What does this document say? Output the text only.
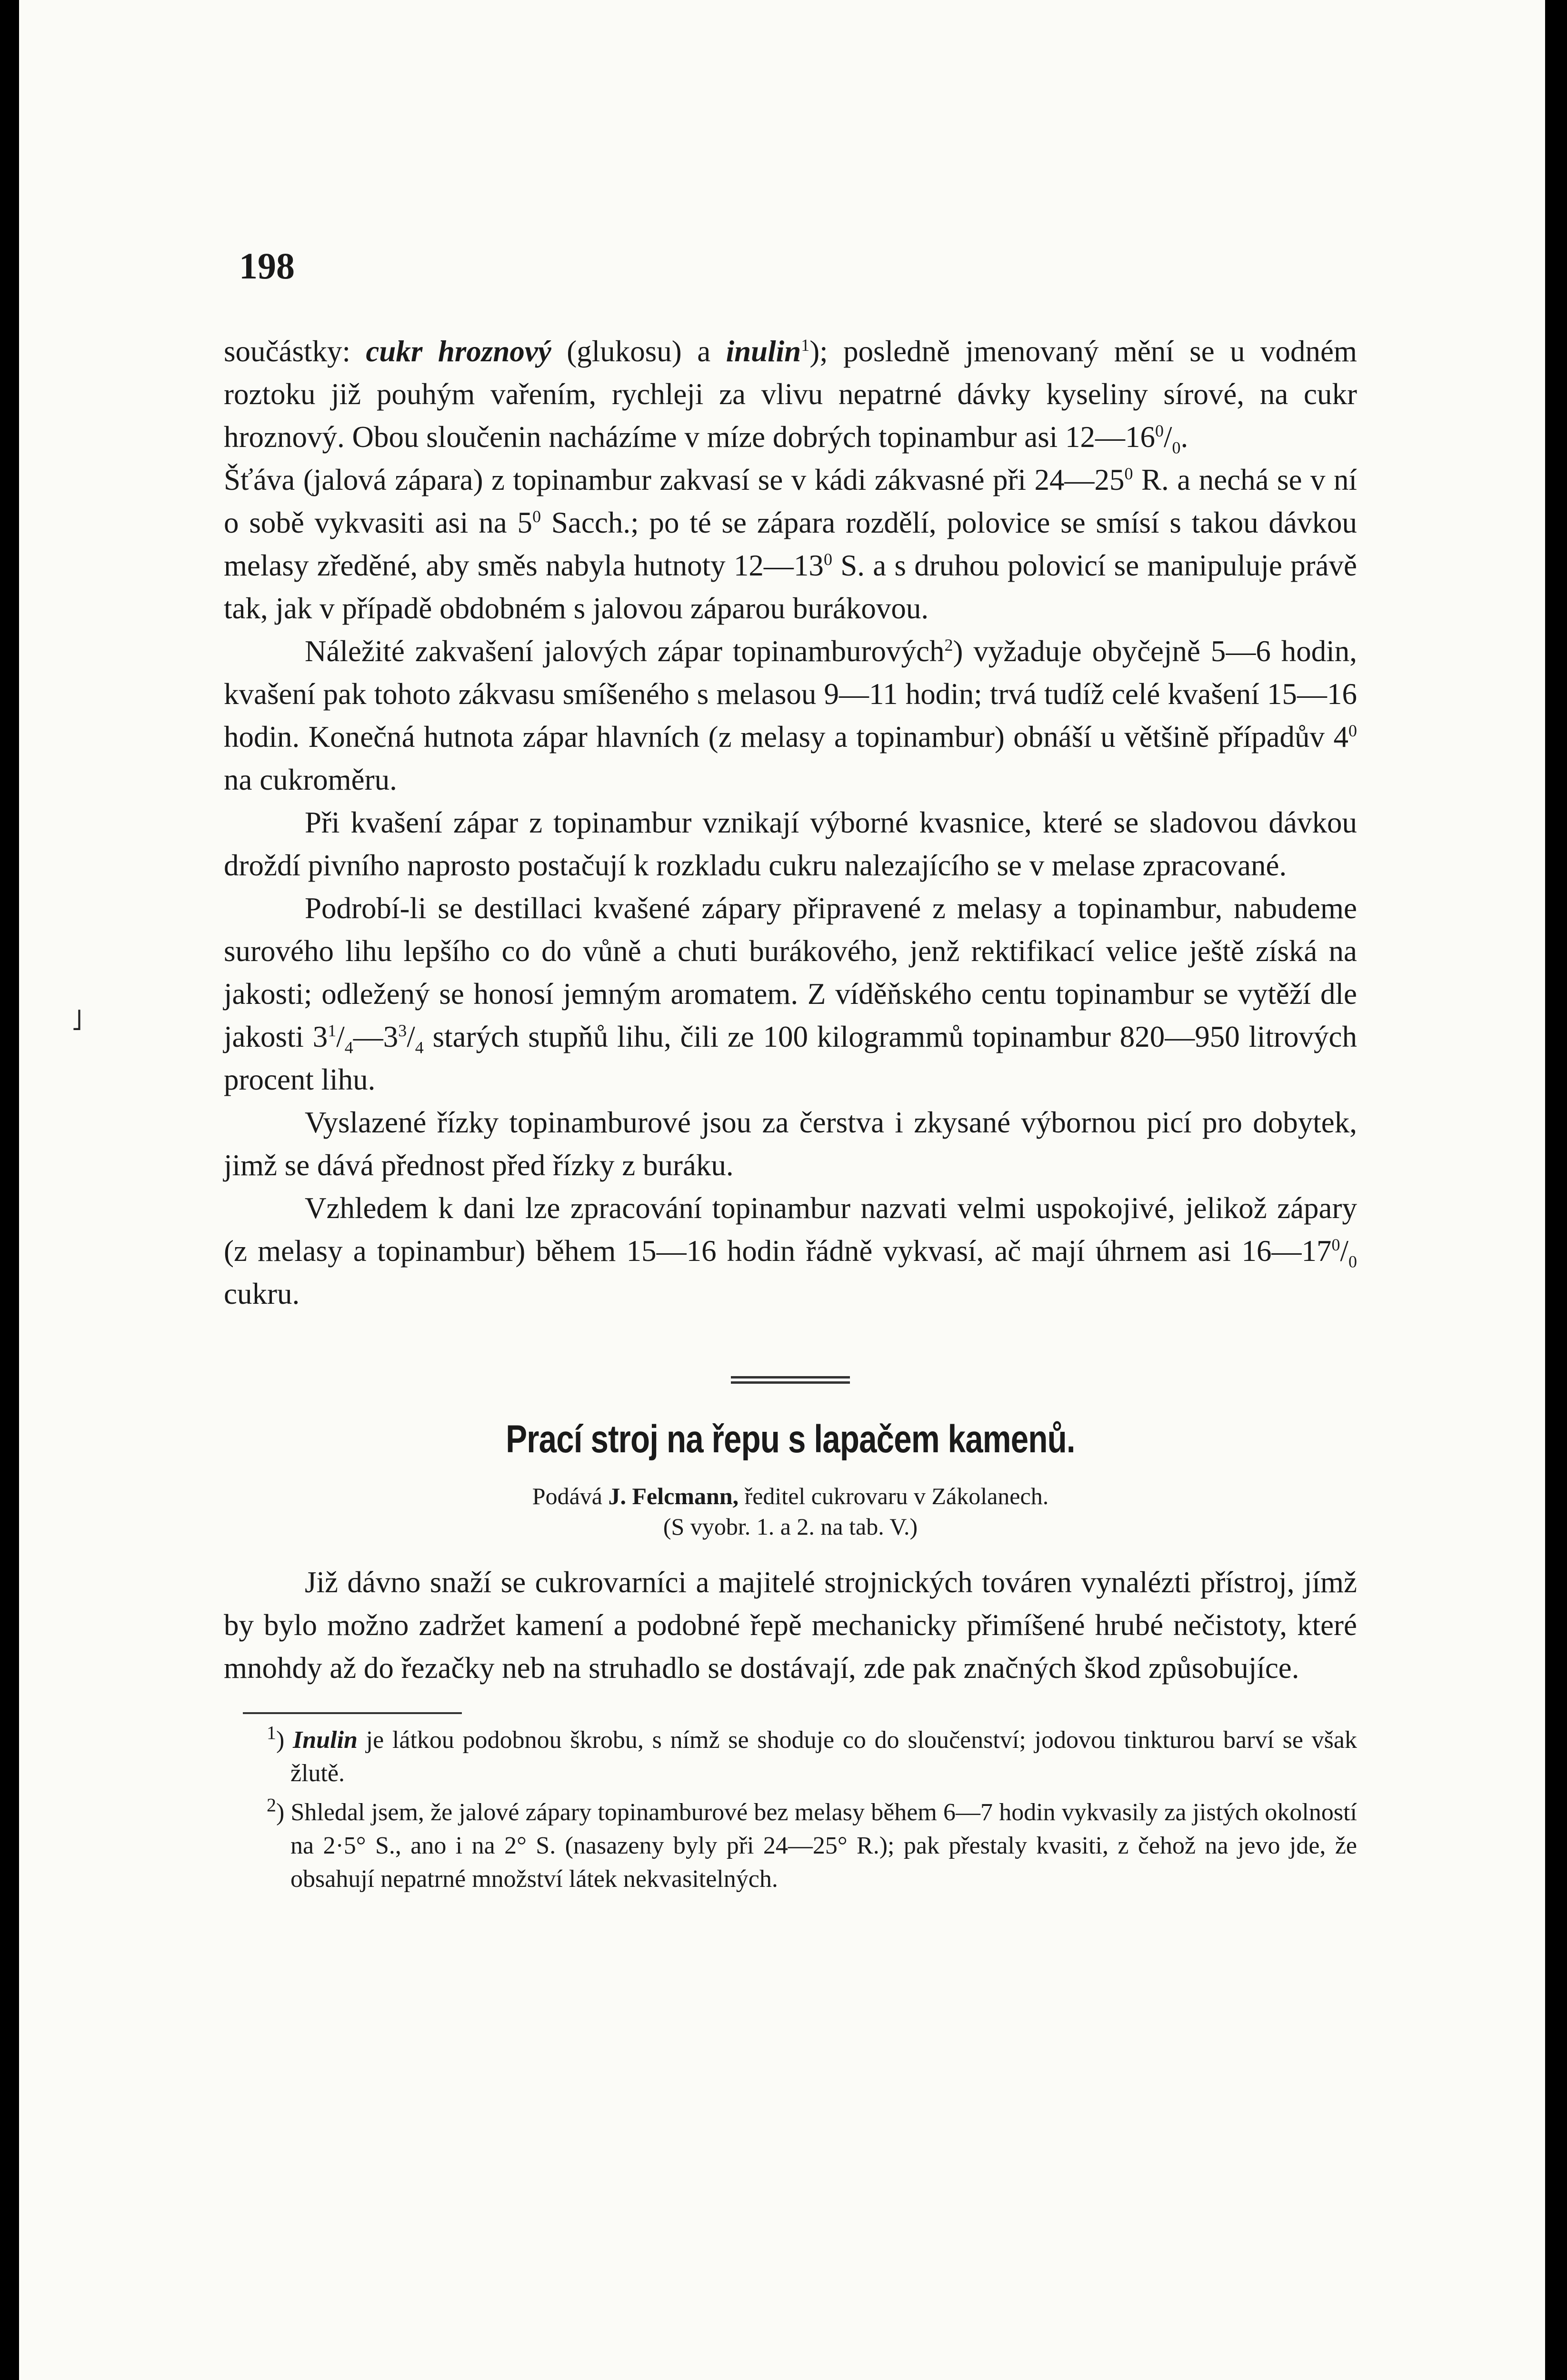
˩
198

součástky: cukr hroznový (glukosu) a inulin$^1$); posledně jmenovaný mění se u vodném roztoku již pouhým vařením, rychleji za vlivu nepatrné dávky kyseliny sírové, na cukr hroznový. Obou sloučenin nacházíme v míze dobrých topinambur asi $12—16^0/_0$.

Šťáva (jalová zápara) z topinambur zakvasí se v kádi zákvasné při $24—25^0$ R. a nechá se v ní o sobě vykvasiti asi na $5^0$ Sacch.; po té se zápara rozdělí, polovice se smísí s takou dávkou melasy zředěné, aby směs nabyla hutnoty $12—13^0$ S. a s druhou polovicí se manipuluje právě tak, jak v případě obdobném s jalovou záparou burákovou.

Náležité zakvašení jalových zápar topinamburových$^2$) vyžaduje obyčejně 5—6 hodin, kvašení pak tohoto zákvasu smíšeného s melasou 9—11 hodin; trvá tudíž celé kvašení 15—16 hodin. Konečná hutnota zápar hlavních (z melasy a topinambur) obnáší u většině případův $4^0$ na cukroměru.

Při kvašení zápar z topinambur vznikají výborné kvasnice, které se sladovou dávkou droždí pivního naprosto postačují k rozkladu cukru nalezajícího se v melase zpracované.

Podrobí-li se destillaci kvašené zápary připravené z melasy a topinambur, nabudeme surového lihu lepšího co do vůně a chuti burákového, jenž rektifikací velice ještě získá na jakosti; odležený se honosí jemným aromatem. Z víděňského centu topinambur se vytěží dle jakosti $3^1/_4—3^3/_4$ starých stupňů lihu, čili ze 100 kilogrammů topinambur 820—950 litrových procent lihu.

Vyslazené řízky topinamburové jsou za čerstva i zkysané výbornou picí pro dobytek, jimž se dává přednost před řízky z buráku.

Vzhledem k dani lze zpracování topinambur nazvati velmi uspokojivé, jelikož zápary (z melasy a topinambur) během 15—16 hodin řádně vykvasí, ač mají úhrnem asi $16—17^0/_0$ cukru.

Prací stroj na řepu s lapačem kamenů.

Podává J. Felcmann, ředitel cukrovaru v Zákolanech.

(S vyobr. 1. a 2. na tab. V.)

Již dávno snaží se cukrovarníci a majitelé strojnických továren vynalézti přístroj, jímž by bylo možno zadržet kamení a podobné řepě mechanicky přimíšené hrubé nečistoty, které mnohdy až do řezačky neb na struhadlo se dostávají, zde pak značných škod způsobujíce.

$^1$) Inulin je látkou podobnou škrobu, s nímž se shoduje co do sloučenství; jodovou tinkturou barví se však žlutě.

$^2$) Shledal jsem, že jalové zápary topinamburové bez melasy během 6—7 hodin vykvasily za jistých okolností na 2·5° S., ano i na 2° S. (nasazeny byly při 24—25° R.); pak přestaly kvasiti, z čehož na jevo jde, že obsahují nepatrné množství látek nekvasitelných.
